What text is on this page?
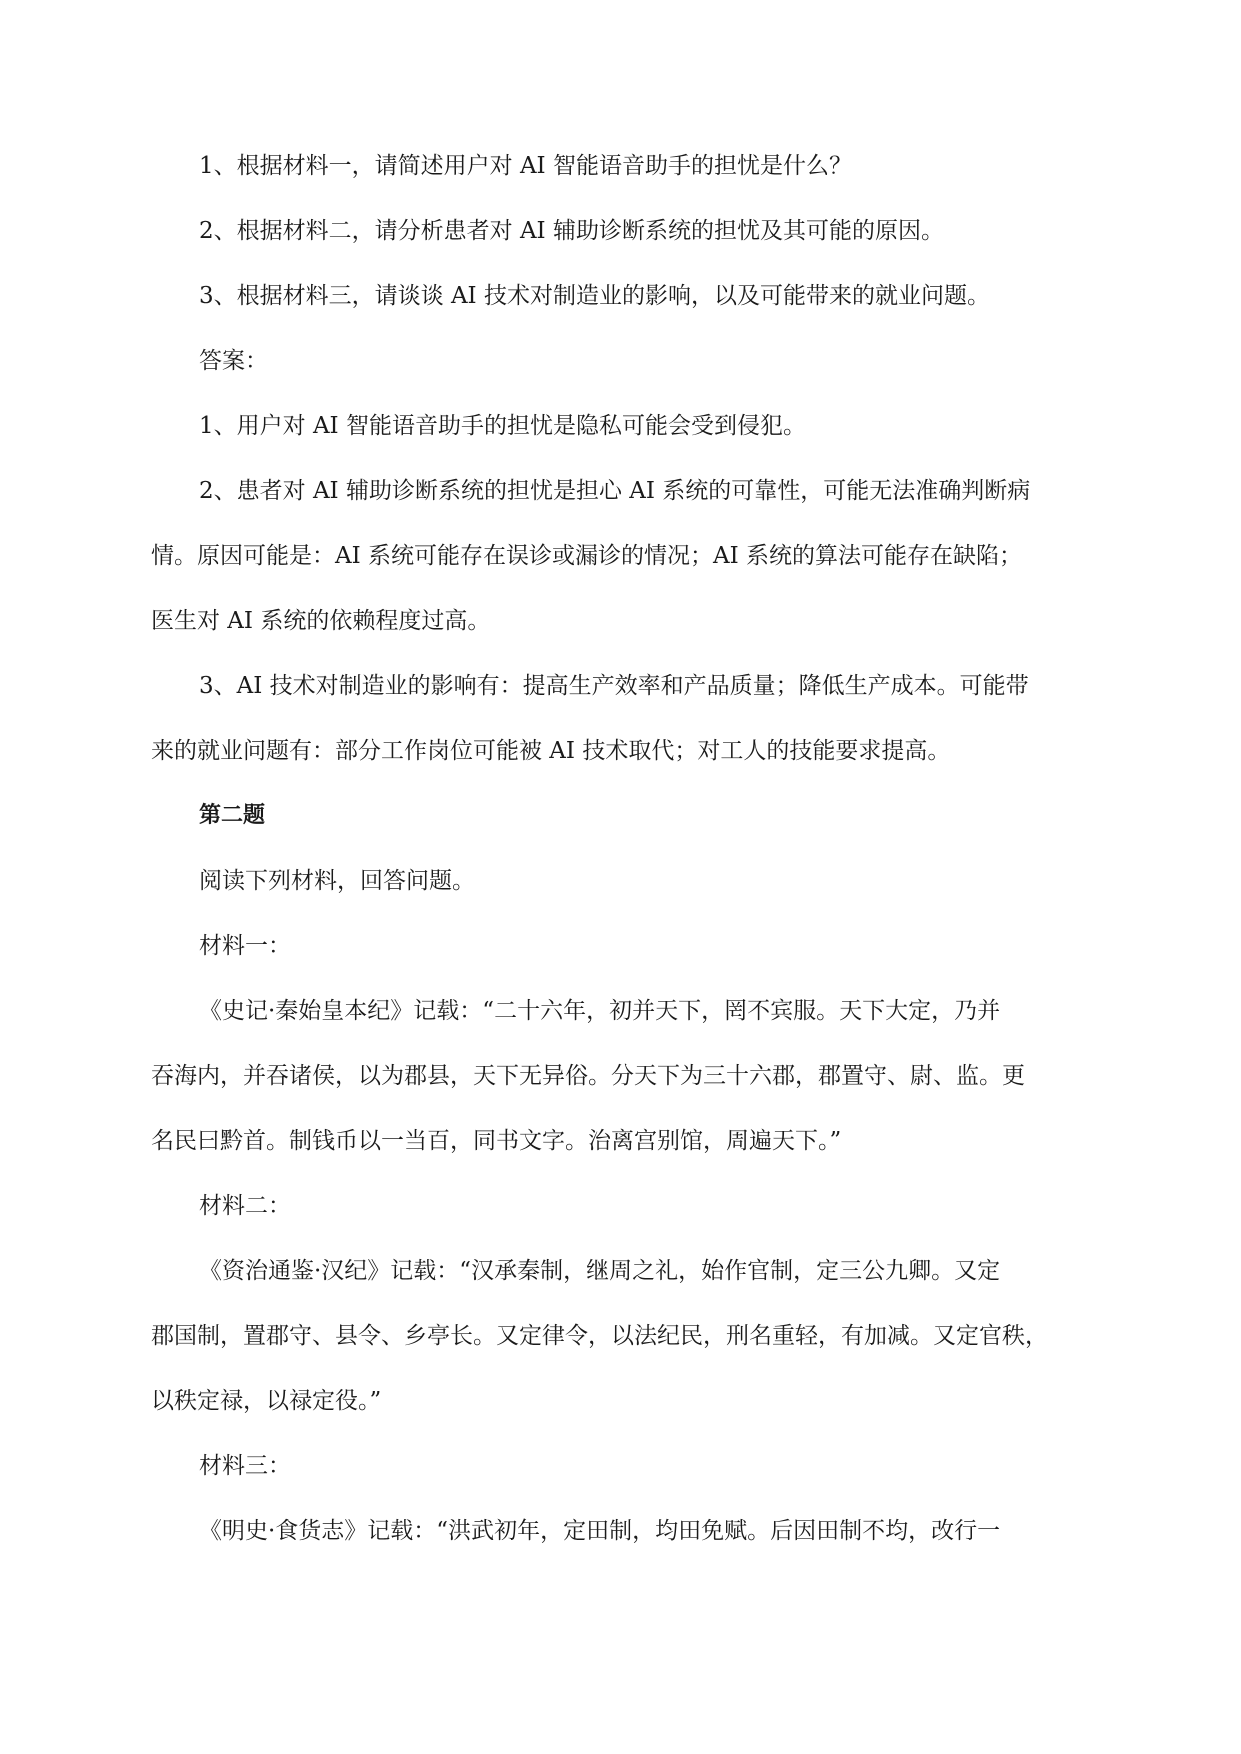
1、根据材料一，请简述用户对 AI 智能语音助手的担忧是什么？
2、根据材料二，请分析患者对 AI 辅助诊断系统的担忧及其可能的原因。
3、根据材料三，请谈谈 AI 技术对制造业的影响，以及可能带来的就业问题。
答案：
1、用户对 AI 智能语音助手的担忧是隐私可能会受到侵犯。
2、患者对 AI 辅助诊断系统的担忧是担心 AI 系统的可靠性，可能无法准确判断病
情。原因可能是：AI 系统可能存在误诊或漏诊的情况；AI 系统的算法可能存在缺陷；
医生对 AI 系统的依赖程度过高。
3、AI 技术对制造业的影响有：提高生产效率和产品质量；降低生产成本。可能带
来的就业问题有：部分工作岗位可能被 AI 技术取代；对工人的技能要求提高。
第二题
阅读下列材料，回答问题。
材料一：
《史记·秦始皇本纪》记载：“二十六年，初并天下，罔不宾服。天下大定，乃并
吞海内，并吞诸侯，以为郡县，天下无异俗。分天下为三十六郡，郡置守、尉、监。更
名民曰黔首。制钱币以一当百，同书文字。治离宫别馆，周遍天下。”
材料二：
《资治通鉴·汉纪》记载：“汉承秦制，继周之礼，始作官制，定三公九卿。又定
郡国制，置郡守、县令、乡亭长。又定律令，以法纪民，刑名重轻，有加减。又定官秩，
以秩定禄，以禄定役。”
材料三：
《明史·食货志》记载：“洪武初年，定田制，均田免赋。后因田制不均，改行一
